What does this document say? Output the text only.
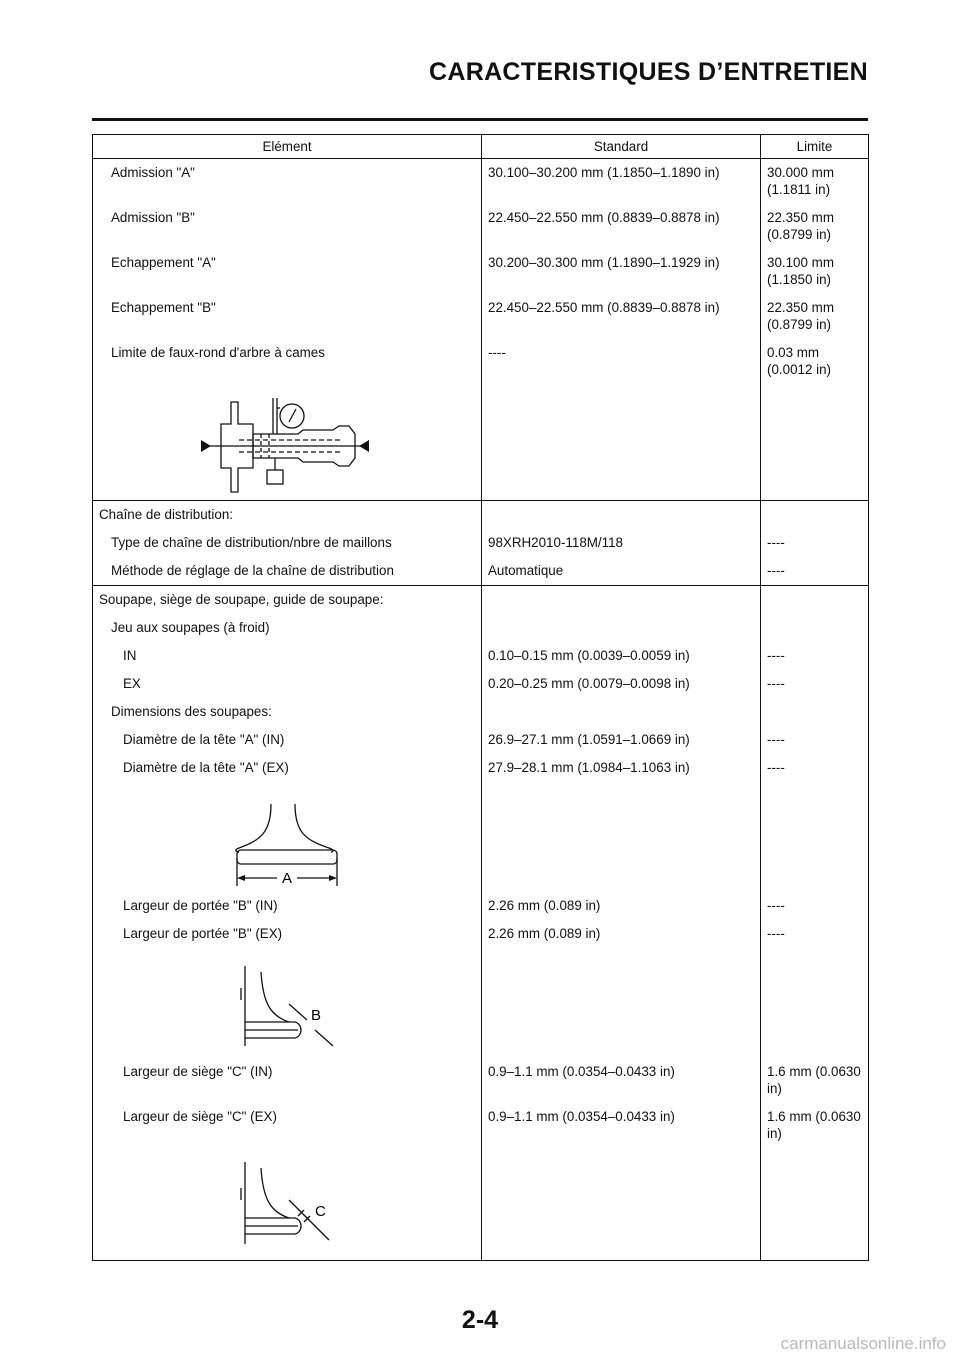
CARACTERISTIQUES D’ENTRETIEN
Elément	Standard	Limite

Admission "A"	30.100–30.200 mm (1.1850–1.1890 in)	30.000 mm
(1.1811 in)

Admission "B"	22.450–22.550 mm (0.8839–0.8878 in)	22.350 mm
(0.8799 in)

Echappement "A"	30.200–30.300 mm (1.1890–1.1929 in)	30.100 mm
(1.1850 in)

Echappement "B"	22.450–22.550 mm (0.8839–0.8878 in)	22.350 mm
(0.8799 in)

Limite de faux-rond d'arbre à cames	----	0.03 mm
(0.0012 in)

Chaîne de distribution:		

Type de chaîne de distribution/nbre de maillons	98XRH2010-118M/118	----

Méthode de réglage de la chaîne de distribution	Automatique	----
Soupape, siège de soupape, guide de soupape:		

Jeu aux soupapes (à froid)		

IN	0.10–0.15 mm (0.0039–0.0059 in)	----

EX	0.20–0.25 mm (0.0079–0.0098 in)	----

Dimensions des soupapes:		

Diamètre de la tête "A" (IN)	26.9–27.1 mm (1.0591–1.0669 in)	----

Diamètre de la tête "A" (EX)	27.9–28.1 mm (1.0984–1.1063 in)	----

A		

Largeur de portée "B" (IN)	2.26 mm (0.089 in)	----

Largeur de portée "B" (EX)	2.26 mm (0.089 in)	----

B		

Largeur de siège "C" (IN)	0.9–1.1 mm (0.0354–0.0433 in)	1.6 mm (0.0630
in)

Largeur de siège "C" (EX)	0.9–1.1 mm (0.0354–0.0433 in)	1.6 mm (0.0630
in)

C		

2-4
carmanualsonline.info
